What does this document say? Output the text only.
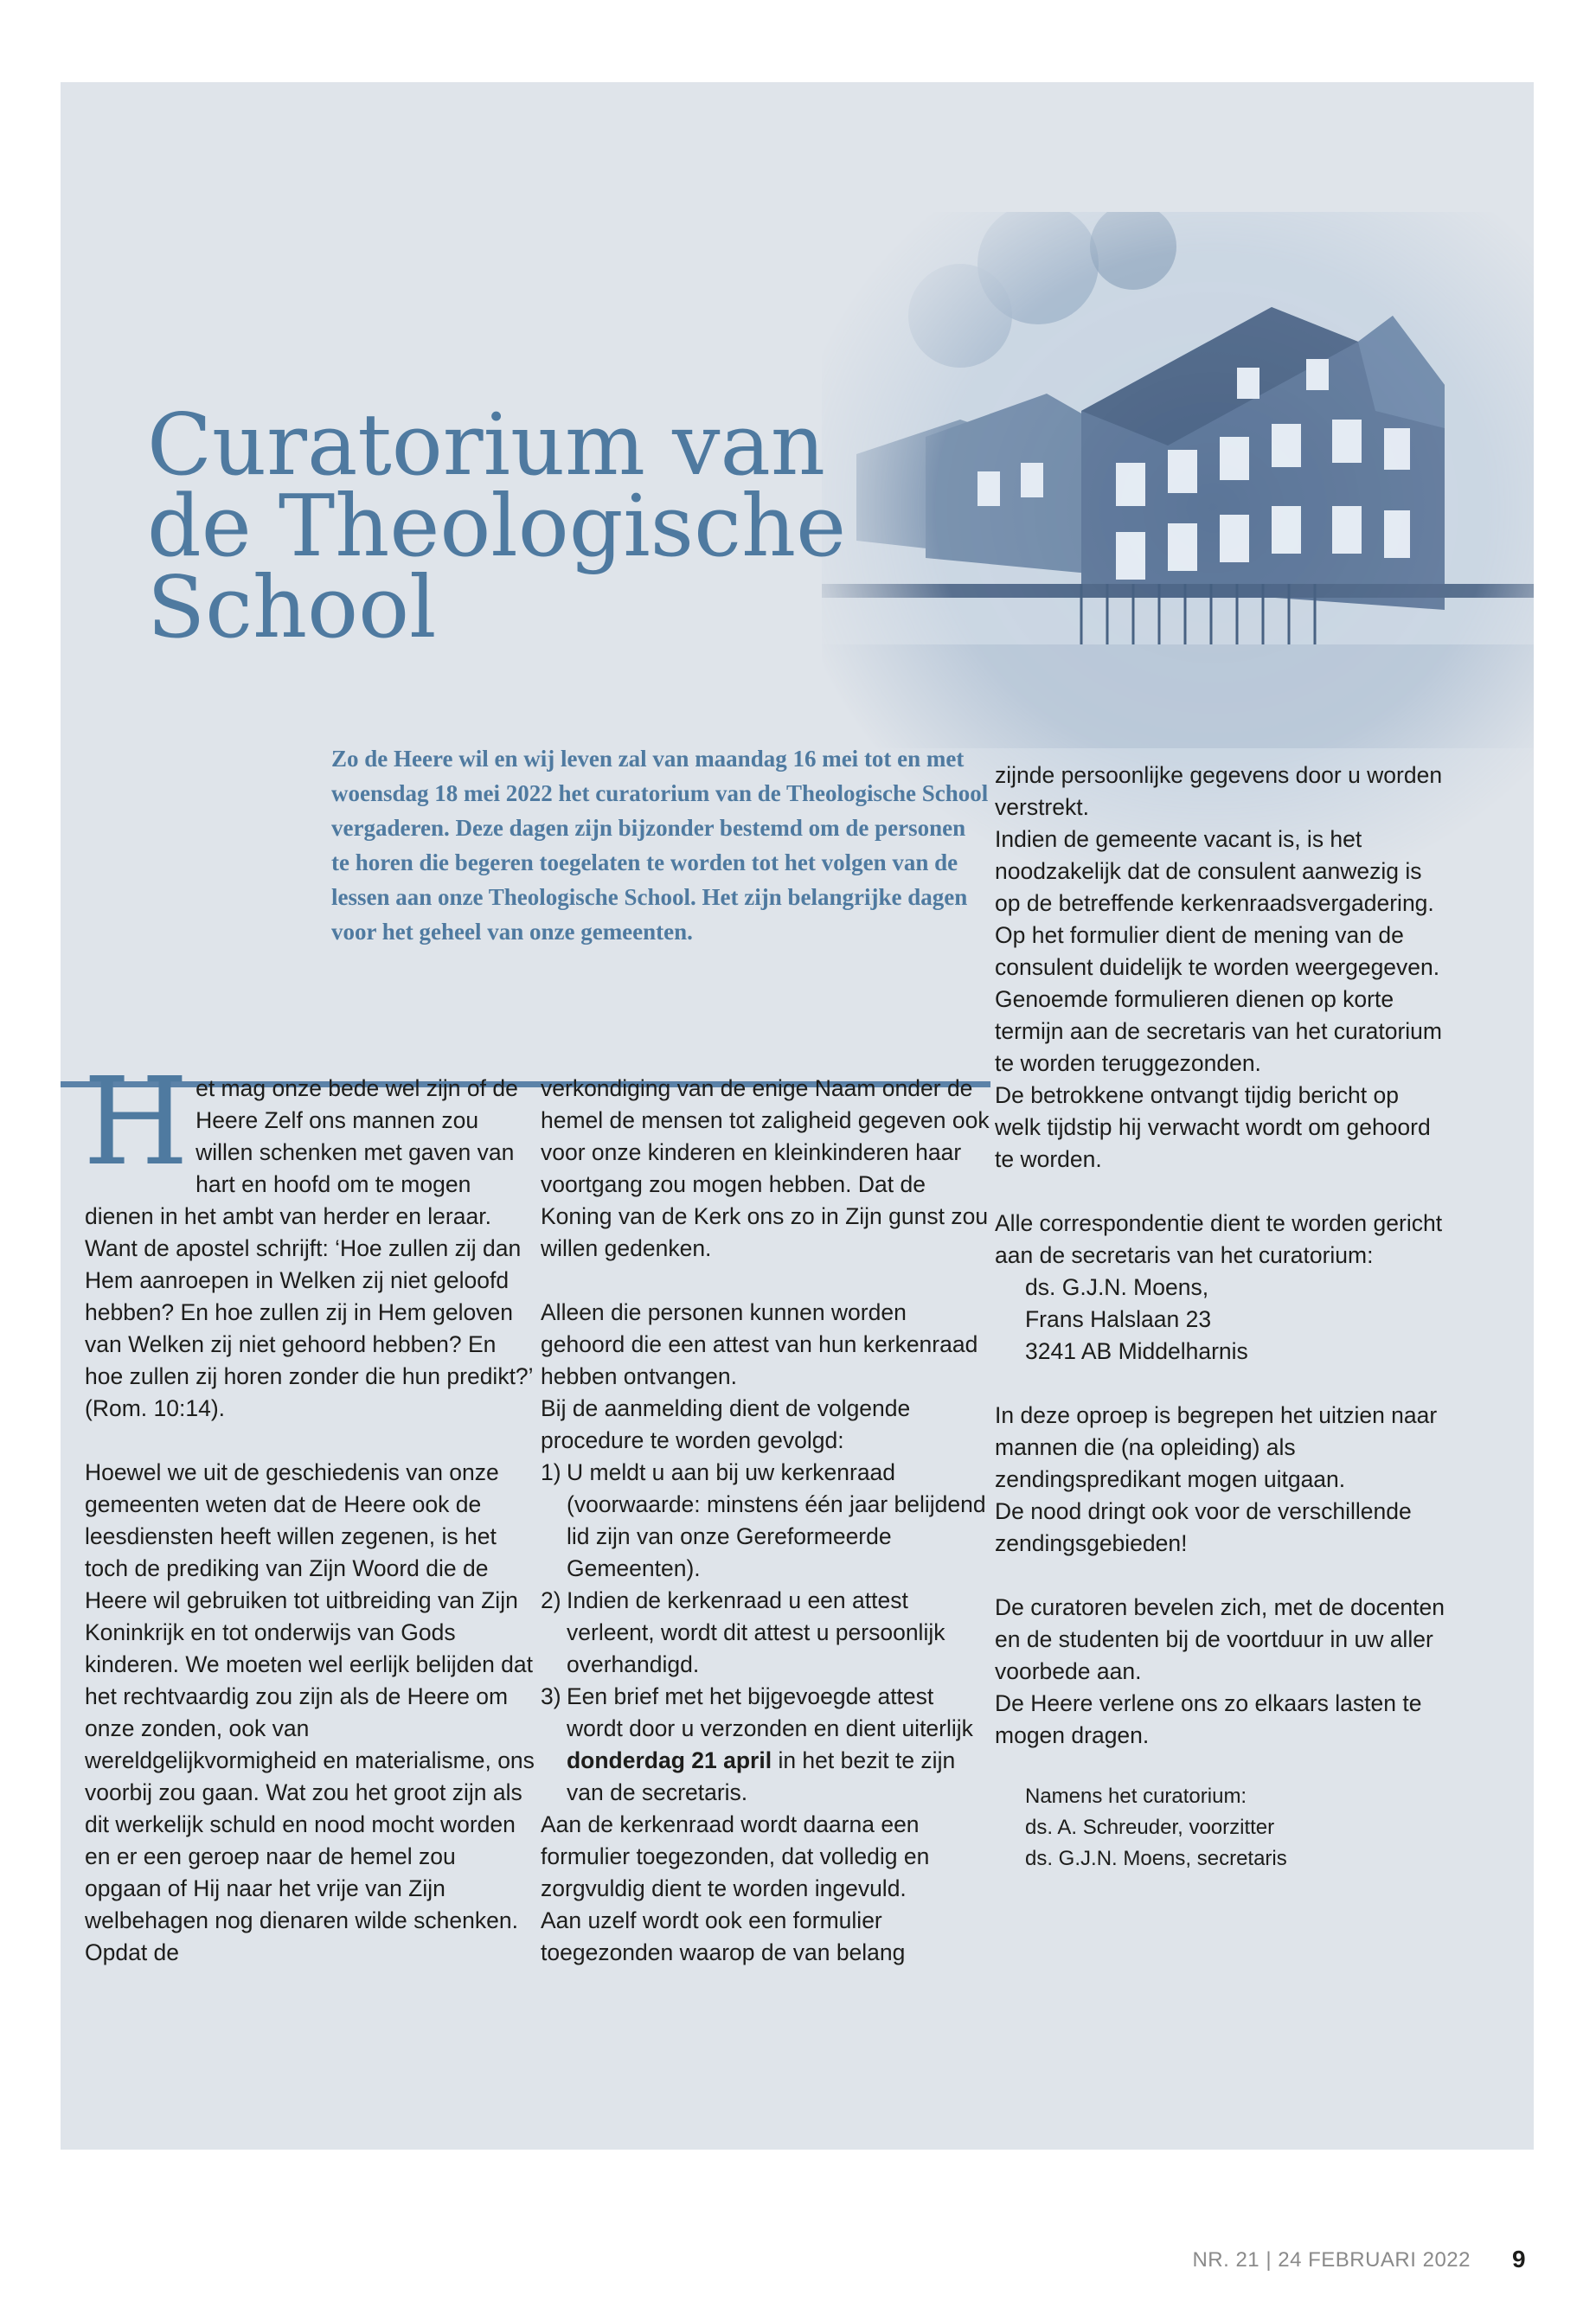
Curatorium van
de Theologische
School

Zo de Heere wil en wij leven zal van maandag 16 mei tot en met woensdag 18 mei 2022 het curatorium van de Theologische School vergaderen. Deze dagen zijn bijzonder bestemd om de personen te horen die begeren toegelaten te worden tot het volgen van de lessen aan onze Theologische School. Het zijn belangrijke dagen voor het geheel van onze gemeenten.

H et mag onze bede wel zijn of de Heere Zelf ons mannen zou willen schenken met gaven van hart en hoofd om te mogen dienen in het ambt van herder en leraar. Want de apostel schrijft: ‘Hoe zullen zij dan Hem aanroepen in Welken zij niet geloofd hebben? En hoe zullen zij in Hem geloven van Welken zij niet gehoord hebben? En hoe zullen zij horen zonder die hun predikt?’ (Rom. 10:14).

Hoewel we uit de geschiedenis van onze gemeenten weten dat de Heere ook de leesdiensten heeft willen zegenen, is het toch de prediking van Zijn Woord die de Heere wil gebruiken tot uitbreiding van Zijn Koninkrijk en tot onderwijs van Gods kinderen. We moeten wel eerlijk belijden dat het rechtvaardig zou zijn als de Heere om onze zonden, ook van wereldgelijkvormigheid en materialisme, ons voorbij zou gaan. Wat zou het groot zijn als dit werkelijk schuld en nood mocht worden en er een geroep naar de hemel zou opgaan of Hij naar het vrije van Zijn welbehagen nog dienaren wilde schenken. Opdat de

verkondiging van de enige Naam onder de hemel de mensen tot zaligheid gegeven ook voor onze kinderen en kleinkinderen haar voortgang zou mogen hebben. Dat de Koning van de Kerk ons zo in Zijn gunst zou willen gedenken.

Alleen die personen kunnen worden gehoord die een attest van hun kerkenraad hebben ontvangen.

Bij de aanmelding dient de volgende procedure te worden gevolgd:

1) U meldt u aan bij uw kerkenraad (voorwaarde: minstens één jaar belijdend lid zijn van onze Gereformeerde Gemeenten).
2) Indien de kerkenraad u een attest verleent, wordt dit attest u persoonlijk overhandigd.
3) Een brief met het bijgevoegde attest wordt door u verzonden en dient uiterlijk donderdag 21 april in het bezit te zijn van de secretaris.

Aan de kerkenraad wordt daarna een formulier toegezonden, dat volledig en zorgvuldig dient te worden ingevuld.

Aan uzelf wordt ook een formulier toegezonden waarop de van belang

zijnde persoonlijke gegevens door u worden verstrekt.

Indien de gemeente vacant is, is het noodzakelijk dat de consulent aanwezig is op de betreffende kerkenraadsvergadering. Op het formulier dient de mening van de consulent duidelijk te worden weergegeven.

Genoemde formulieren dienen op korte termijn aan de secretaris van het curatorium te worden teruggezonden.

De betrokkene ontvangt tijdig bericht op welk tijdstip hij verwacht wordt om gehoord te worden.

Alle correspondentie dient te worden gericht aan de secretaris van het curatorium:

ds. G.J.N. Moens,

Frans Halslaan 23

3241 AB Middelharnis

In deze oproep is begrepen het uitzien naar mannen die (na opleiding) als zendingspredikant mogen uitgaan.

De nood dringt ook voor de verschillende zendingsgebieden!

De curatoren bevelen zich, met de docenten en de studenten bij de voortduur in uw aller voorbede aan.

De Heere verlene ons zo elkaars lasten te mogen dragen.

Namens het curatorium:

ds. A. Schreuder, voorzitter

ds. G.J.N. Moens, secretaris

NR. 21 | 24 FEBRUARI 2022 9
